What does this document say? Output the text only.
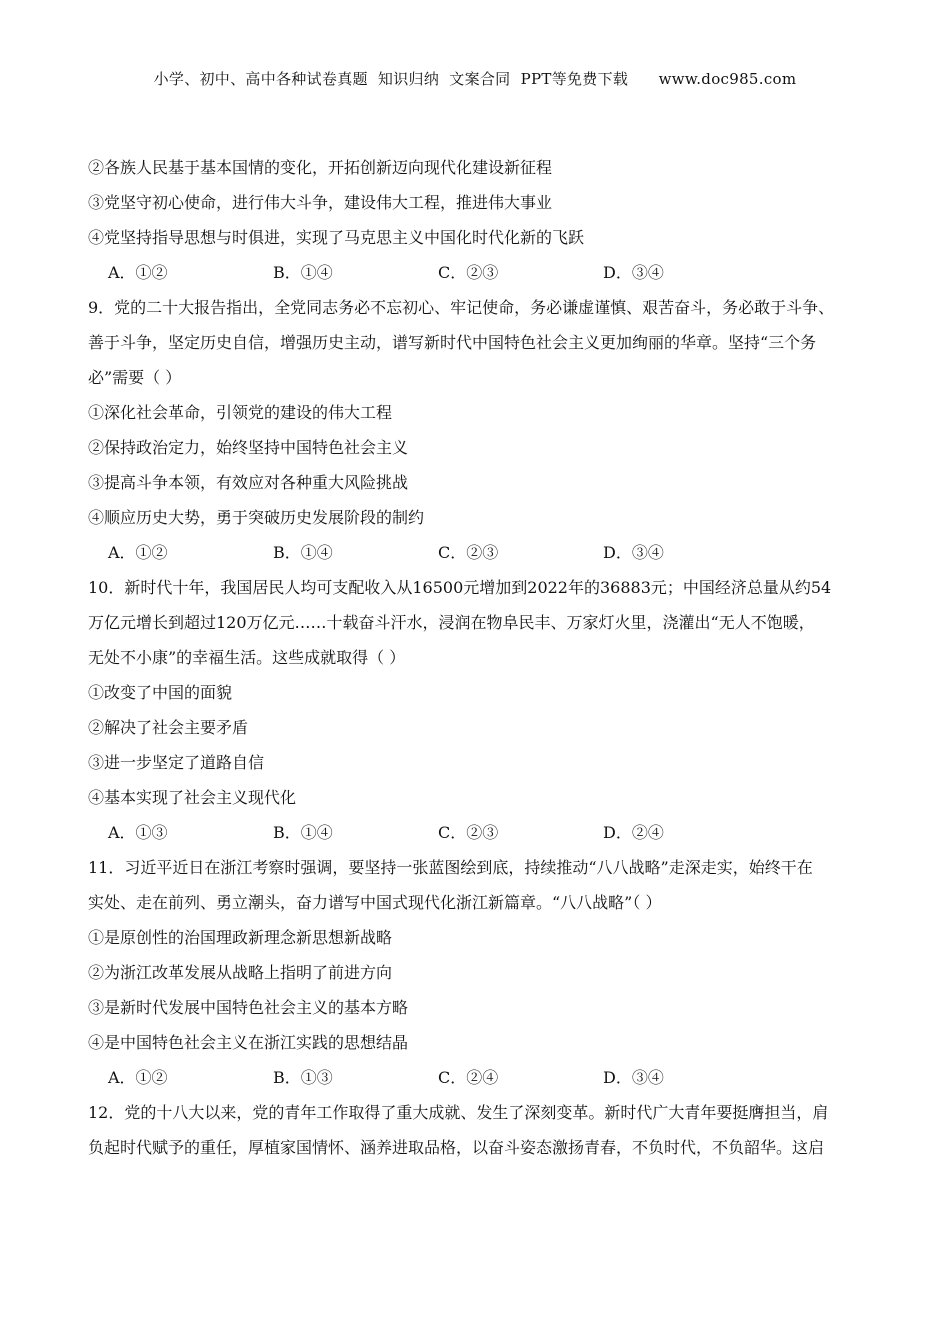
小学、初中、高中各种试卷真题  知识归纳  文案合同  PPT等免费下载      www.doc985.com
②各族人民基于基本国情的变化，开拓创新迈向现代化建设新征程
③党坚守初心使命，进行伟大斗争，建设伟大工程，推进伟大事业
④党坚持指导思想与时俱进，实现了马克思主义中国化时代化新的飞跃
A．①②	B．①④	C．②③	D．③④
9．党的二十大报告指出，全党同志务必不忘初心、牢记使命，务必谦虚谨慎、艰苦奋斗，务必敢于斗争、
善于斗争，坚定历史自信，增强历史主动，谱写新时代中国特色社会主义更加绚丽的华章。坚持“三个务
必”需要（ ）
①深化社会革命，引领党的建设的伟大工程
②保持政治定力，始终坚持中国特色社会主义
③提高斗争本领，有效应对各种重大风险挑战
④顺应历史大势，勇于突破历史发展阶段的制约
A．①②	B．①④	C．②③	D．③④
10．新时代十年，我国居民人均可支配收入从16500元增加到2022年的36883元；中国经济总量从约54
万亿元增长到超过120万亿元……十载奋斗汗水，浸润在物阜民丰、万家灯火里，浇灌出“无人不饱暖，
无处不小康”的幸福生活。这些成就取得（ ）
①改变了中国的面貌
②解决了社会主要矛盾
③进一步坚定了道路自信
④基本实现了社会主义现代化
A．①③	B．①④	C．②③	D．②④
11．习近平近日在浙江考察时强调，要坚持一张蓝图绘到底，持续推动“八八战略”走深走实，始终干在
实处、走在前列、勇立潮头，奋力谱写中国式现代化浙江新篇章。“八八战略”（ ）
①是原创性的治国理政新理念新思想新战略
②为浙江改革发展从战略上指明了前进方向
③是新时代发展中国特色社会主义的基本方略
④是中国特色社会主义在浙江实践的思想结晶
A．①②	B．①③	C．②④	D．③④
12．党的十八大以来，党的青年工作取得了重大成就、发生了深刻变革。新时代广大青年要挺膺担当，肩
负起时代赋予的重任，厚植家国情怀、涵养进取品格，以奋斗姿态激扬青春，不负时代，不负韶华。这启
